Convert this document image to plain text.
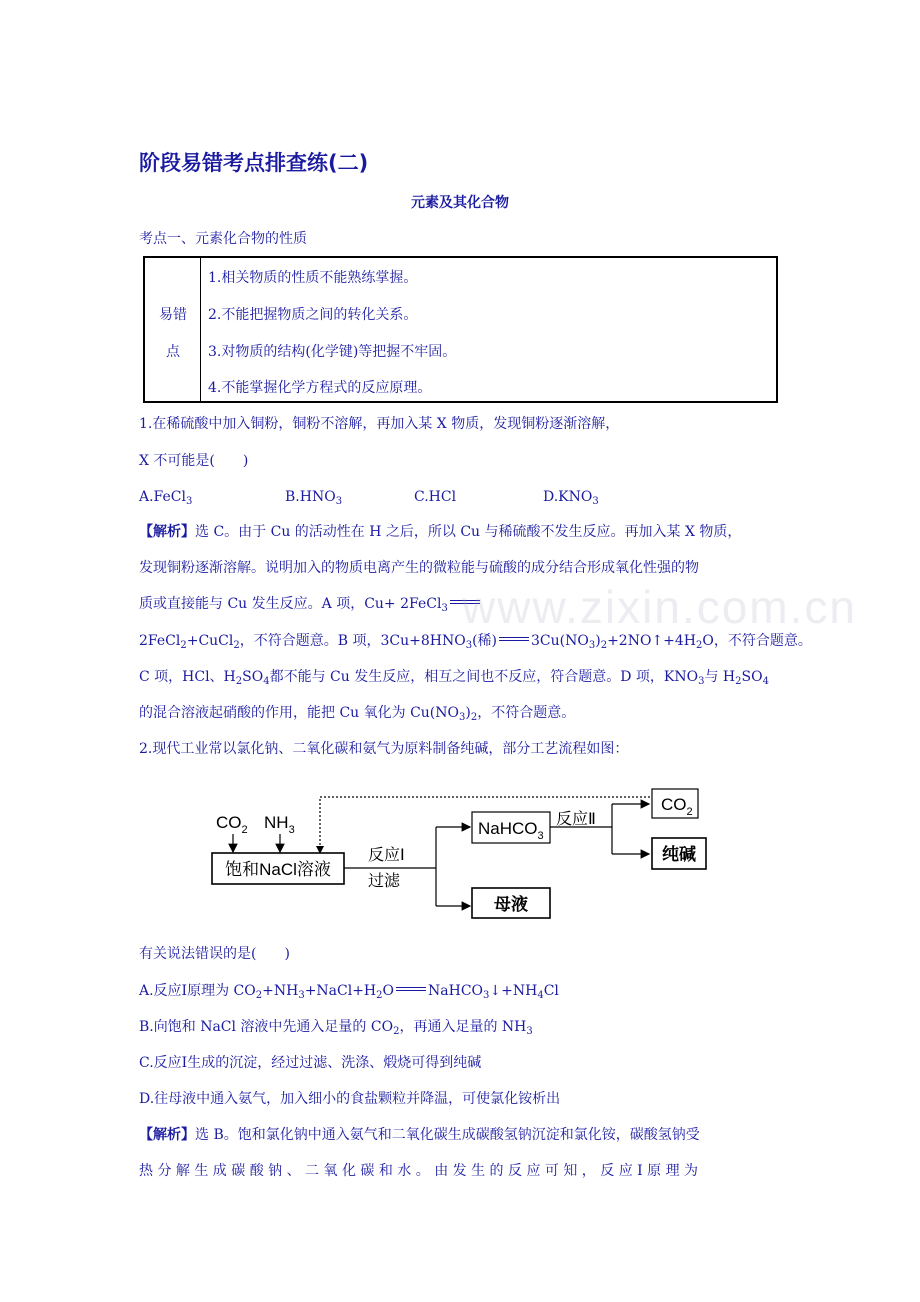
阶段易错考点排查练(二)
元素及其化合物
考点一、元素化合物的性质
易错
点
1.相关物质的性质不能熟练掌握。
2.不能把握物质之间的转化关系。
3.对物质的结构(化学键)等把握不牢固。
4.不能掌握化学方程式的反应原理。
1.在稀硫酸中加入铜粉，铜粉不溶解，再加入某 X 物质，发现铜粉逐渐溶解，
X 不可能是(　　)
A.FeCl$_3$	$B.HNO_3$	C.HCl	$D.KNO_3$
【解析】选 C。由于 Cu 的活动性在 H 之后，所以 Cu 与稀硫酸不发生反应。再加入某 X 物质，
发现铜粉逐渐溶解。说明加入的物质电离产生的微粒能与硫酸的成分结合形成氧化性强的物
质或直接能与 Cu 发生反应。A 项，Cu+ 2FeCl$_3$
2FeCl$_2$+CuCl$_2$，不符合题意。B 项，$3Cu+8HNO_3$(稀) $3Cu(NO_3)_2+2NO↑+4H_2O$，不符合题意。
C 项，HCl、$H_2SO_4$都不能与 Cu 发生反应，相互之间也不反应，符合题意。D 项，$KNO_3$与 $H_2SO_4$
的混合溶液起硝酸的作用，能把 Cu 氧化为 $Cu(NO_3)_2$，不符合题意。
www.zixin.com.cn
2.现代工业常以氯化钠、二氧化碳和氨气为原料制备纯碱，部分工艺流程如图：
$CO_2$ $NH_3$
饱和NaCl溶液
反应Ⅰ
过滤
NaHCO$_3$
反应Ⅱ
$CO_2$
纯碱
母液
有关说法错误的是(　　)
A.反应Ⅰ原理为 $CO_2+NH_3+NaCl+H_2O$ $NaHCO_3↓+NH_4Cl$
B.向饱和 NaCl 溶液中先通入足量的 $CO_2$，再通入足量的 $NH_3$
C.反应Ⅰ生成的沉淀，经过过滤、洗涤、煅烧可得到纯碱
D.往母液中通入氨气，加入细小的食盐颗粒并降温，可使氯化铵析出
【解析】选 B。饱和氯化钠中通入氨气和二氧化碳生成碳酸氢钠沉淀和氯化铵，碳酸氢钠受
热 分 解 生 成 碳 酸 钠 、 二 氧 化 碳 和 水 。 由 发 生 的 反 应 可 知 ， 反 应 Ⅰ 原 理 为
